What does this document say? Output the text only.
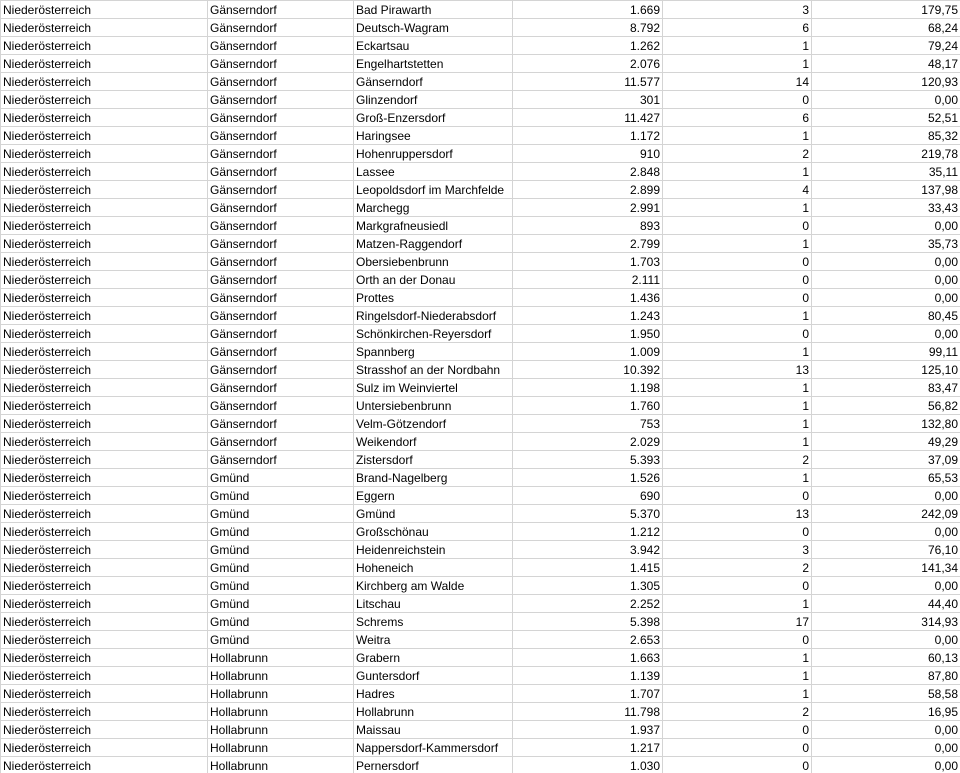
Niederösterreich	Gänserndorf	Bad Pirawarth	1.669	3	179,75
Niederösterreich	Gänserndorf	Deutsch-Wagram	8.792	6	68,24
Niederösterreich	Gänserndorf	Eckartsau	1.262	1	79,24
Niederösterreich	Gänserndorf	Engelhartstetten	2.076	1	48,17
Niederösterreich	Gänserndorf	Gänserndorf	11.577	14	120,93
Niederösterreich	Gänserndorf	Glinzendorf	301	0	0,00
Niederösterreich	Gänserndorf	Groß-Enzersdorf	11.427	6	52,51
Niederösterreich	Gänserndorf	Haringsee	1.172	1	85,32
Niederösterreich	Gänserndorf	Hohenruppersdorf	910	2	219,78
Niederösterreich	Gänserndorf	Lassee	2.848	1	35,11
Niederösterreich	Gänserndorf	Leopoldsdorf im Marchfelde	2.899	4	137,98
Niederösterreich	Gänserndorf	Marchegg	2.991	1	33,43
Niederösterreich	Gänserndorf	Markgrafneusiedl	893	0	0,00
Niederösterreich	Gänserndorf	Matzen-Raggendorf	2.799	1	35,73
Niederösterreich	Gänserndorf	Obersiebenbrunn	1.703	0	0,00
Niederösterreich	Gänserndorf	Orth an der Donau	2.111	0	0,00
Niederösterreich	Gänserndorf	Prottes	1.436	0	0,00
Niederösterreich	Gänserndorf	Ringelsdorf-Niederabsdorf	1.243	1	80,45
Niederösterreich	Gänserndorf	Schönkirchen-Reyersdorf	1.950	0	0,00
Niederösterreich	Gänserndorf	Spannberg	1.009	1	99,11
Niederösterreich	Gänserndorf	Strasshof an der Nordbahn	10.392	13	125,10
Niederösterreich	Gänserndorf	Sulz im Weinviertel	1.198	1	83,47
Niederösterreich	Gänserndorf	Untersiebenbrunn	1.760	1	56,82
Niederösterreich	Gänserndorf	Velm-Götzendorf	753	1	132,80
Niederösterreich	Gänserndorf	Weikendorf	2.029	1	49,29
Niederösterreich	Gänserndorf	Zistersdorf	5.393	2	37,09
Niederösterreich	Gmünd	Brand-Nagelberg	1.526	1	65,53
Niederösterreich	Gmünd	Eggern	690	0	0,00
Niederösterreich	Gmünd	Gmünd	5.370	13	242,09
Niederösterreich	Gmünd	Großschönau	1.212	0	0,00
Niederösterreich	Gmünd	Heidenreichstein	3.942	3	76,10
Niederösterreich	Gmünd	Hoheneich	1.415	2	141,34
Niederösterreich	Gmünd	Kirchberg am Walde	1.305	0	0,00
Niederösterreich	Gmünd	Litschau	2.252	1	44,40
Niederösterreich	Gmünd	Schrems	5.398	17	314,93
Niederösterreich	Gmünd	Weitra	2.653	0	0,00
Niederösterreich	Hollabrunn	Grabern	1.663	1	60,13
Niederösterreich	Hollabrunn	Guntersdorf	1.139	1	87,80
Niederösterreich	Hollabrunn	Hadres	1.707	1	58,58
Niederösterreich	Hollabrunn	Hollabrunn	11.798	2	16,95
Niederösterreich	Hollabrunn	Maissau	1.937	0	0,00
Niederösterreich	Hollabrunn	Nappersdorf-Kammersdorf	1.217	0	0,00
Niederösterreich	Hollabrunn	Pernersdorf	1.030	0	0,00
